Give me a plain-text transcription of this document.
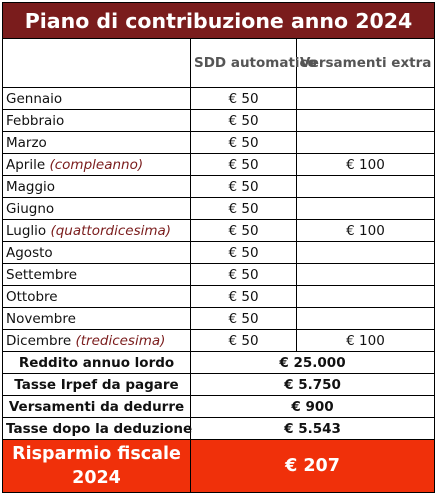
Piano di contribuzione anno 2024		
	SDD automatico	Versamenti extra
Gennaio	€ 50	
Febbraio	€ 50	
Marzo	€ 50	
Aprile (compleanno)	€ 50	€ 100
Maggio	€ 50	
Giugno	€ 50	
Luglio (quattordicesima)	€ 50	€ 100
Agosto	€ 50	
Settembre	€ 50	
Ottobre	€ 50	
Novembre	€ 50	
Dicembre (tredicesima)	€ 50	€ 100
Reddito annuo lordo	€ 25.000	
Tasse Irpef da pagare	€ 5.750	
Versamenti da dedurre	€ 900	
Tasse dopo la deduzione	€ 5.543	

Risparmio fiscale
2024	€ 207	
